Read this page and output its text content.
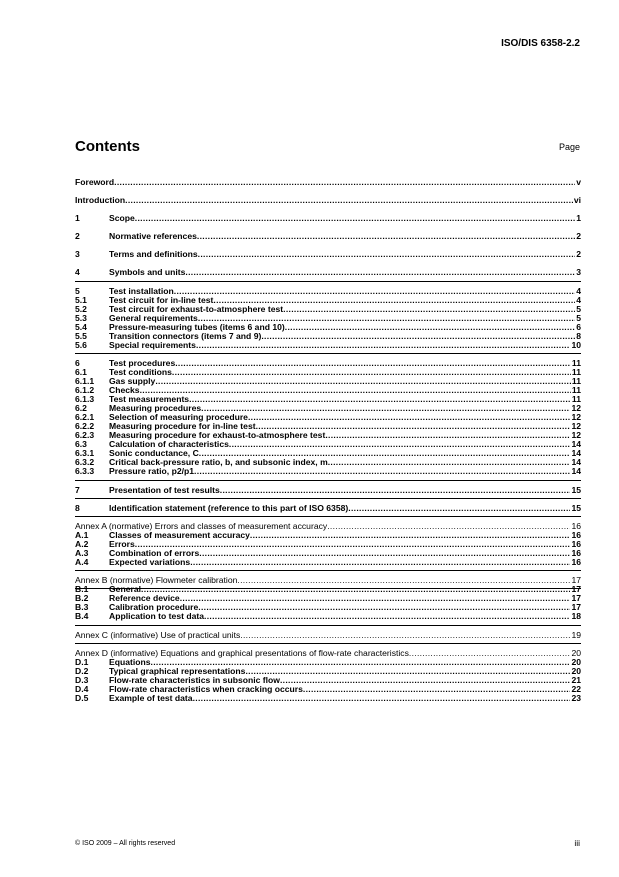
ISO/DIS 6358-2.2
Contents	Page
Foreword .....	v
Introduction .....	vi
1	Scope .....	1
2	Normative references .....	2
3	Terms and definitions .....	2
4	Symbols and units .....	3
5	Test installation .....	4
5.1	Test circuit for in-line test .....	4
5.2	Test circuit for exhaust-to-atmosphere test .....	5
5.3	General requirements .....	5
5.4	Pressure-measuring tubes (items 6 and 10) .....	6
5.5	Transition connectors (items 7 and 9) .....	8
5.6	Special requirements .....	10
6	Test procedures .....	11
6.1	Test conditions .....	11
6.1.1	Gas supply .....	11
6.1.2	Checks .....	11
6.1.3	Test measurements .....	11
6.2	Measuring procedures .....	12
6.2.1	Selection of measuring procedure .....	12
6.2.2	Measuring procedure for in-line test .....	12
6.2.3	Measuring procedure for exhaust-to-atmosphere test .....	12
6.3	Calculation of characteristics .....	14
6.3.1	Sonic conductance, C .....	14
6.3.2	Critical back-pressure ratio, b, and subsonic index, m .....	14
6.3.3	Pressure ratio, p2/p1 .....	14
7	Presentation of test results .....	15
8	Identification statement (reference to this part of ISO 6358) .....	15
Annex A (normative) Errors and classes of measurement accuracy .....	16
A.1	Classes of measurement accuracy .....	16
A.2	Errors .....	16
A.3	Combination of errors .....	16
A.4	Expected variations .....	16
Annex B (normative) Flowmeter calibration .....	17
B.1	General .....	17
B.2	Reference device .....	17
B.3	Calibration procedure .....	17
B.4	Application to test data .....	18
Annex C (informative) Use of practical units .....	19
Annex D (informative) Equations and graphical presentations of flow-rate characteristics .....	20
D.1	Equations .....	20
D.2	Typical graphical representations .....	20
D.3	Flow-rate characteristics in subsonic flow .....	21
D.4	Flow-rate characteristics when cracking occurs .....	22
D.5	Example of test data .....	23
© ISO 2009 – All rights reserved	iii
